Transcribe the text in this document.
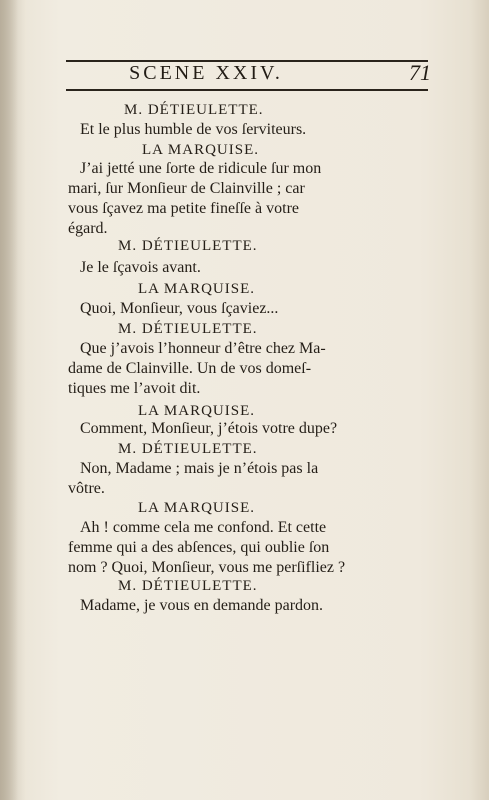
SCENE XXIV.	71
M. DÉTIEULETTE.
Et le plus humble de vos ſerviteurs.
LA MARQUISE.
J’ai jetté une ſorte de ridicule ſur mon
mari, ſur Monſieur de Clainville ; car
vous ſçavez ma petite fineſſe à votre
égard.
M. DÉTIEULETTE.
Je le ſçavois avant.
LA MARQUISE.
Quoi, Monſieur, vous ſçaviez...
M. DÉTIEULETTE.
Que j’avois l’honneur d’être chez Ma-
dame de Clainville. Un de vos domeſ-
tiques me l’avoit dit.
LA MARQUISE.
Comment, Monſieur, j’étois votre dupe?
M. DÉTIEULETTE.
Non, Madame ; mais je n’étois pas la
vôtre.
LA MARQUISE.
Ah ! comme cela me confond. Et cette
femme qui a des abſences, qui oublie ſon
nom ? Quoi, Monſieur, vous me perſifliez ?
M. DÉTIEULETTE.
Madame, je vous en demande pardon.
